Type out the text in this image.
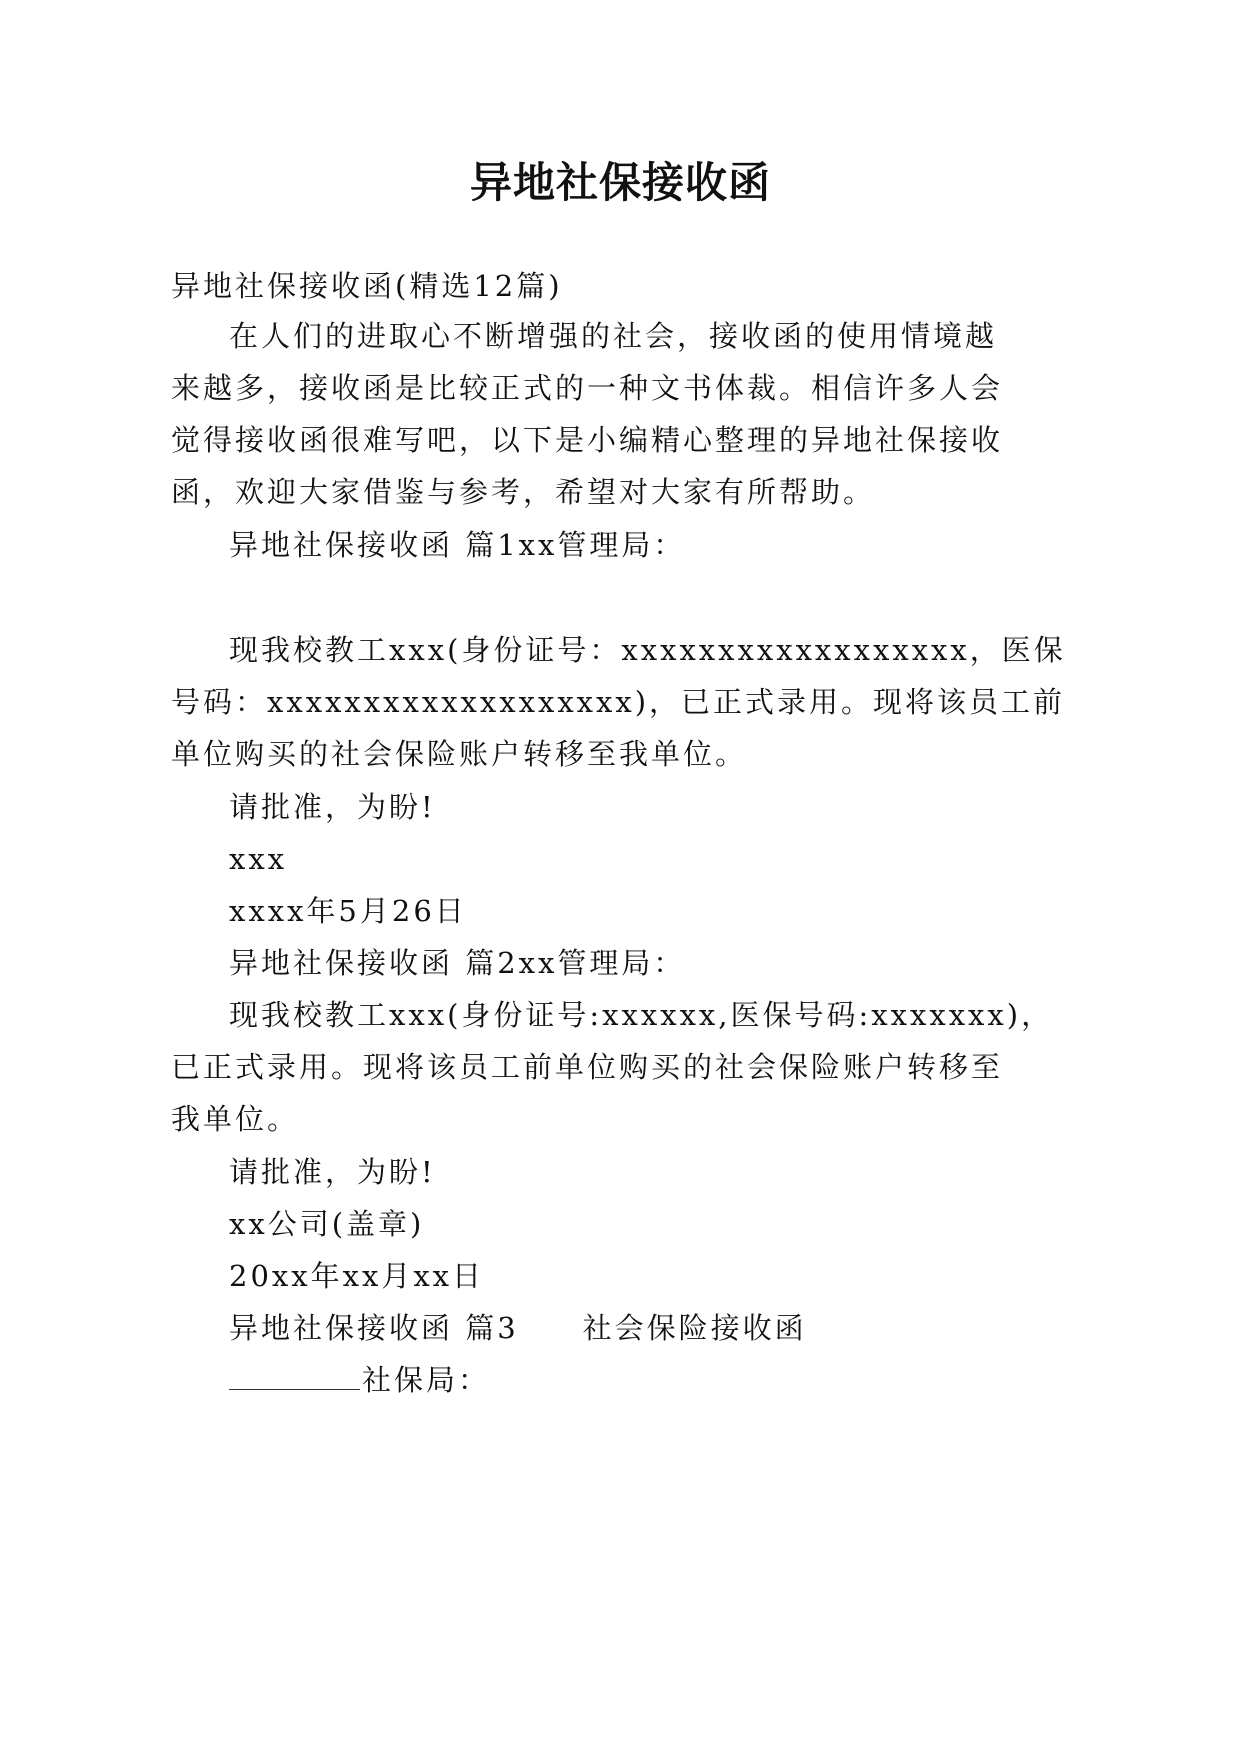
异地社保接收函
异地社保接收函(精选12篇)
在人们的进取心不断增强的社会，接收函的使用情境越
来越多，接收函是比较正式的一种文书体裁。相信许多人会
觉得接收函很难写吧，以下是小编精心整理的异地社保接收
函，欢迎大家借鉴与参考，希望对大家有所帮助。
异地社保接收函 篇1xx管理局：
现我校教工xxx(身份证号：xxxxxxxxxxxxxxxxxx，医保
号码：xxxxxxxxxxxxxxxxxxx)，已正式录用。现将该员工前
单位购买的社会保险账户转移至我单位。
请批准，为盼!
xxx
xxxx年5月26日
异地社保接收函 篇2xx管理局：
现我校教工xxx(身份证号:xxxxxx,医保号码:xxxxxxx)，
已正式录用。现将该员工前单位购买的社会保险账户转移至
我单位。
请批准，为盼!
xx公司(盖章)
20xx年xx月xx日
异地社保接收函 篇3　　社会保险接收函
社保局：
